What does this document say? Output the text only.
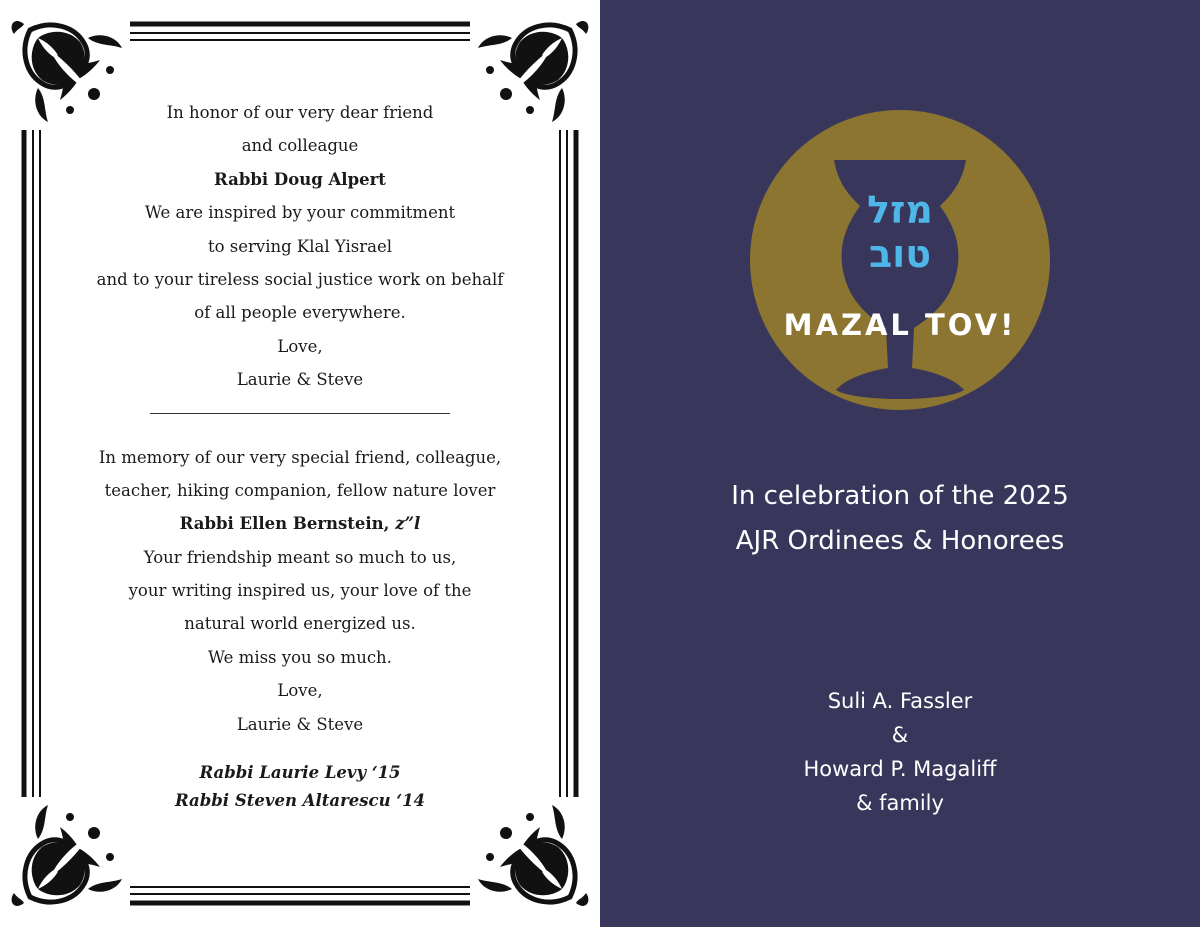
In honor of our very dear friend
and colleague
Rabbi Doug Alpert
We are inspired by your commitment
to serving Klal Yisrael
and to your tireless social justice work on behalf
of all people everywhere.
Love,
Laurie & Steve
In memory of our very special friend, colleague,
teacher, hiking companion, fellow nature lover
Rabbi Ellen Bernstein, z”l
Your friendship meant so much to us,
your writing inspired us, your love of the
natural world energized us.
We miss you so much.
Love,
Laurie & Steve
Rabbi Laurie Levy ‘15
Rabbi Steven Altarescu ‘14
מזל
טוב
MAZAL TOV!
In celebration of the 2025
AJR Ordinees & Honorees
Suli A. Fassler
&
Howard P. Magaliff
& family
